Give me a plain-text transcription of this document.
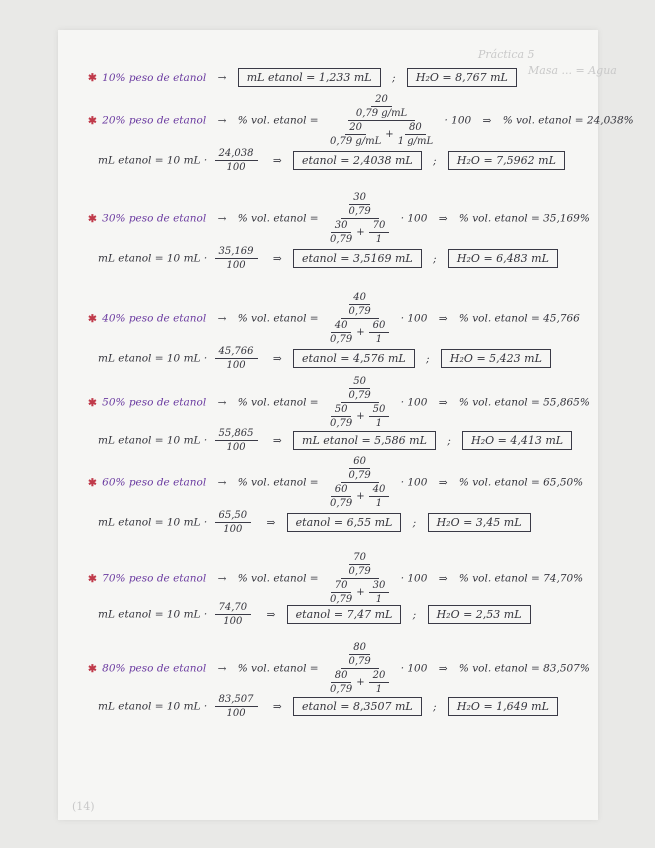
Práctica 5
Masa ... = Agua
✱ 10% peso de etanol → mL etanol = 1,233 mL ; H₂O = 8,767 mL
✱ 20% peso de etanol → % vol. etanol = $\frac{\frac{20}{0,79 g/mL}}{\frac{20}{0,79 g/mL} + \frac{80}{1 g/mL}} \cdot 100$ ⇒ % vol. etanol = 24,038%
mL etanol = 10 mL · $\frac{24,038}{100}$ ⇒ etanol = 2,4038 mL ; H₂O = 7,5962 mL
✱ 30% peso de etanol → % vol. etanol = $\frac{\frac{30}{0,79}}{\frac{30}{0,79} + \frac{70}{1}} \cdot 100$ ⇒ % vol. etanol = 35,169%
mL etanol = 10 mL · $\frac{35,169}{100}$ ⇒ etanol = 3,5169 mL ; H₂O = 6,483 mL
✱ 40% peso de etanol → % vol. etanol = $\frac{\frac{40}{0,79}}{\frac{40}{0,79} + \frac{60}{1}} \cdot 100$ ⇒ % vol. etanol = 45,766
mL etanol = 10 mL · $\frac{45,766}{100}$ ⇒ etanol = 4,576 mL ; H₂O = 5,423 mL
✱ 50% peso de etanol → % vol. etanol = $\frac{\frac{50}{0,79}}{\frac{50}{0,79} + \frac{50}{1}} \cdot 100$ ⇒ % vol. etanol = 55,865%
mL etanol = 10 mL · $\frac{55,865}{100}$ ⇒ mL etanol = 5,586 mL ; H₂O = 4,413 mL
✱ 60% peso de etanol → % vol. etanol = $\frac{\frac{60}{0,79}}{\frac{60}{0,79} + \frac{40}{1}} \cdot 100$ ⇒ % vol. etanol = 65,50%
mL etanol = 10 mL · $\frac{65,50}{100}$ ⇒ etanol = 6,55 mL ; H₂O = 3,45 mL
✱ 70% peso de etanol → % vol. etanol = $\frac{\frac{70}{0,79}}{\frac{70}{0,79} + \frac{30}{1}} \cdot 100$ ⇒ % vol. etanol = 74,70%
mL etanol = 10 mL · $\frac{74,70}{100}$ ⇒ etanol = 7,47 mL ; H₂O = 2,53 mL
✱ 80% peso de etanol → % vol. etanol = $\frac{\frac{80}{0,79}}{\frac{80}{0,79} + \frac{20}{1}} \cdot 100$ ⇒ % vol. etanol = 83,507%
mL etanol = 10 mL · $\frac{83,507}{100}$ ⇒ etanol = 8,3507 mL ; H₂O = 1,649 mL
(14)
